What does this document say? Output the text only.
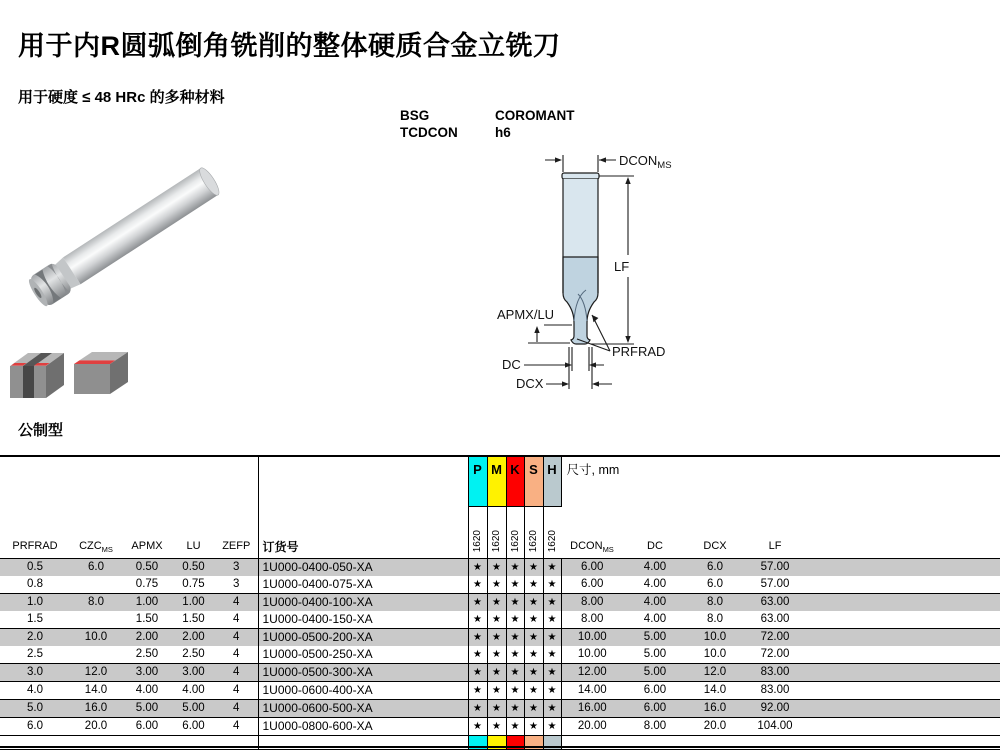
用于内R圆弧倒角铣削的整体硬质合金立铣刀
用于硬度 ≤ 48 HRc 的多种材料
BSG	COROMANT
TCDCON	h6
$DCON_{MS}$
LF
APMX/LU
DC
DCX
PRFRAD
公制型
PRFRAD	$CZC_{MS}$	APMX	LU	ZEFP	订货号	P	M	K	S	H	尺寸, mm				
						1620	1620	1620	1620	1620	$DCON_{MS}$	DC	DCX	LF	
0.5	6.0	0.50	0.50	3	1U000-0400-050-XA	★	★	★	★	★	6.00	4.00	6.0	57.00	
0.8		0.75	0.75	3	1U000-0400-075-XA	★	★	★	★	★	6.00	4.00	6.0	57.00	
1.0	8.0	1.00	1.00	4	1U000-0400-100-XA	★	★	★	★	★	8.00	4.00	8.0	63.00	
1.5		1.50	1.50	4	1U000-0400-150-XA	★	★	★	★	★	8.00	4.00	8.0	63.00	
2.0	10.0	2.00	2.00	4	1U000-0500-200-XA	★	★	★	★	★	10.00	5.00	10.0	72.00	
2.5		2.50	2.50	4	1U000-0500-250-XA	★	★	★	★	★	10.00	5.00	10.0	72.00	
3.0	12.0	3.00	3.00	4	1U000-0500-300-XA	★	★	★	★	★	12.00	5.00	12.0	83.00	
4.0	14.0	4.00	4.00	4	1U000-0600-400-XA	★	★	★	★	★	14.00	6.00	14.0	83.00	
5.0	16.0	5.00	5.00	4	1U000-0600-500-XA	★	★	★	★	★	16.00	6.00	16.0	92.00	
6.0	20.0	6.00	6.00	4	1U000-0800-600-XA	★	★	★	★	★	20.00	8.00	20.0	104.00	
